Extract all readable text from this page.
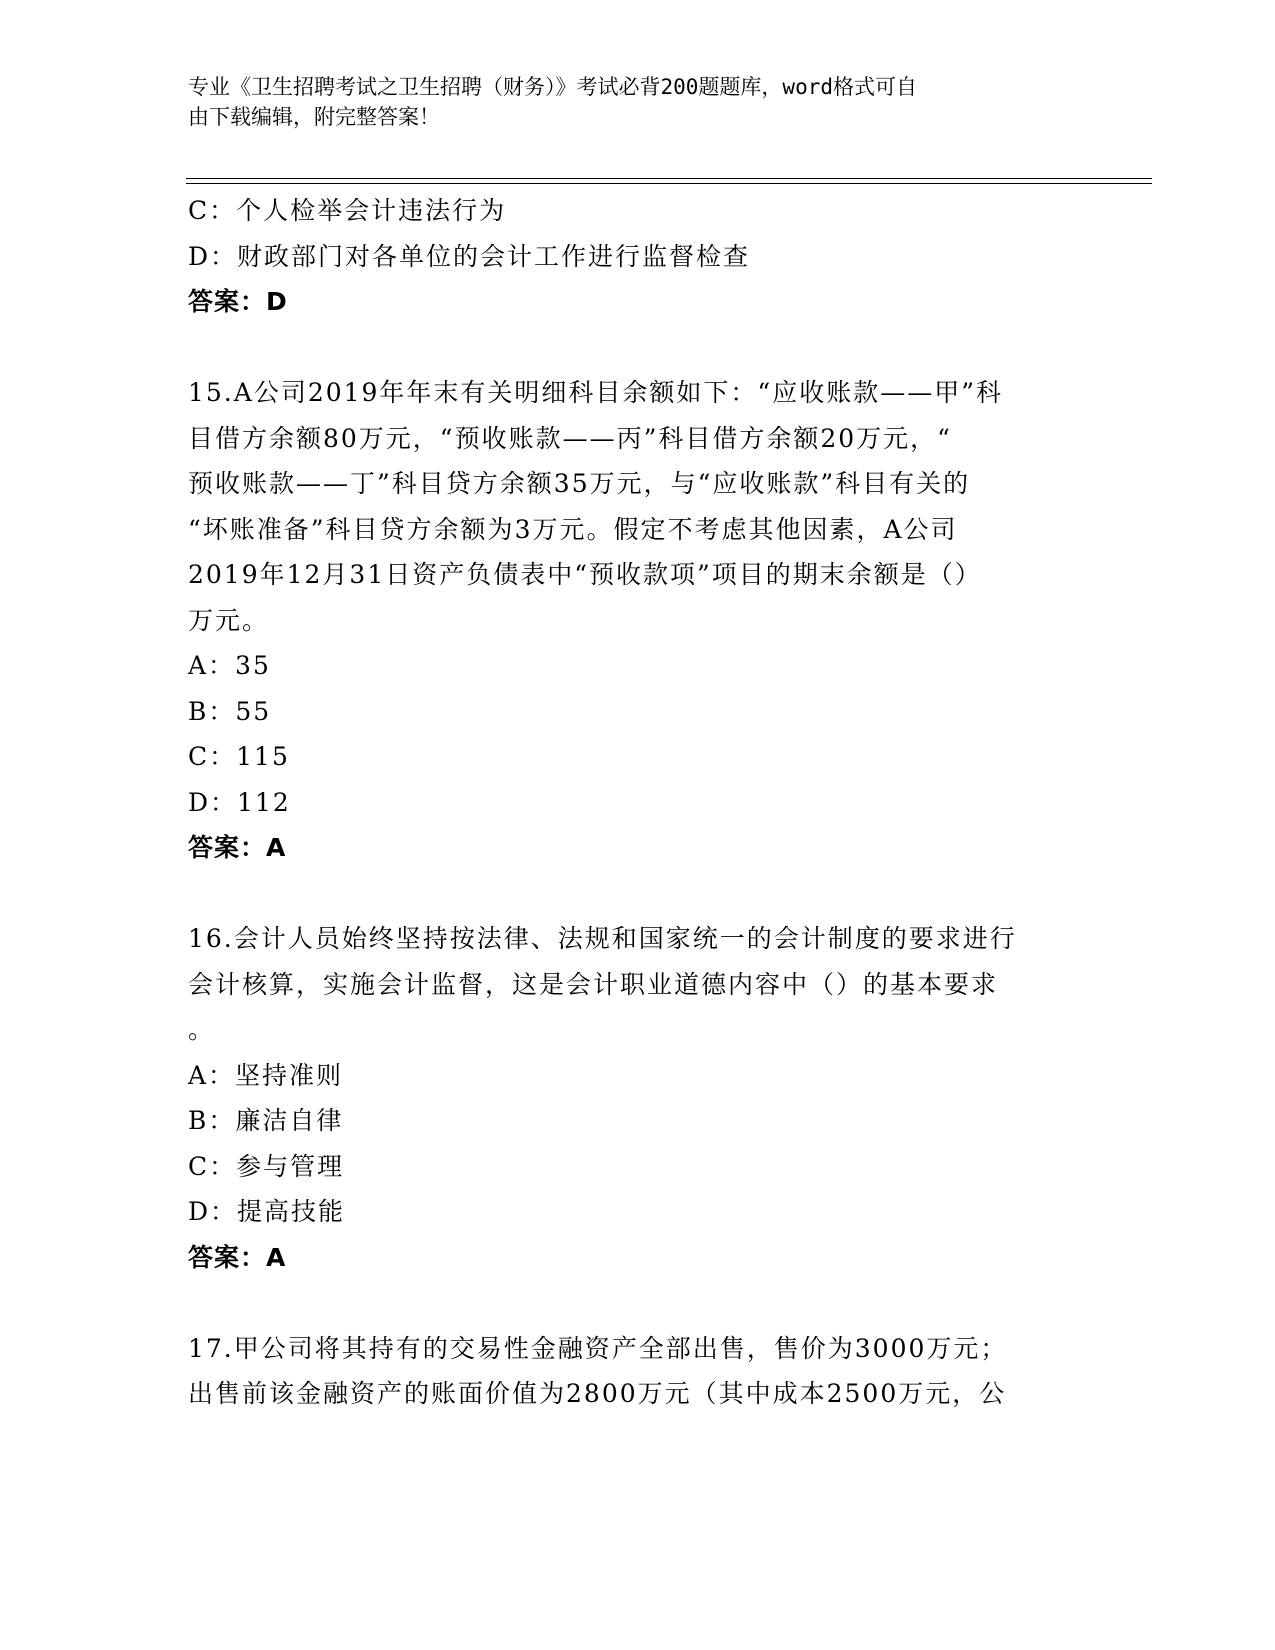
专业《卫生招聘考试之卫生招聘（财务）》考试必背200题题库，word格式可自
由下载编辑，附完整答案！
C：个人检举会计违法行为
D：财政部门对各单位的会计工作进行监督检查
答案：D
15.A公司2019年年末有关明细科目余额如下：“应收账款——甲”科
目借方余额80万元，“预收账款——丙”科目借方余额20万元，“
预收账款——丁”科目贷方余额35万元，与“应收账款”科目有关的
“坏账准备”科目贷方余额为3万元。假定不考虑其他因素，A公司
2019年12月31日资产负债表中“预收款项”项目的期末余额是（）
万元。
A：35
B：55
C：115
D：112
答案：A
16.会计人员始终坚持按法律、法规和国家统一的会计制度的要求进行
会计核算，实施会计监督，这是会计职业道德内容中（）的基本要求
。
A：坚持准则
B：廉洁自律
C：参与管理
D：提高技能
答案：A
17.甲公司将其持有的交易性金融资产全部出售，售价为3000万元；
出售前该金融资产的账面价值为2800万元（其中成本2500万元，公
